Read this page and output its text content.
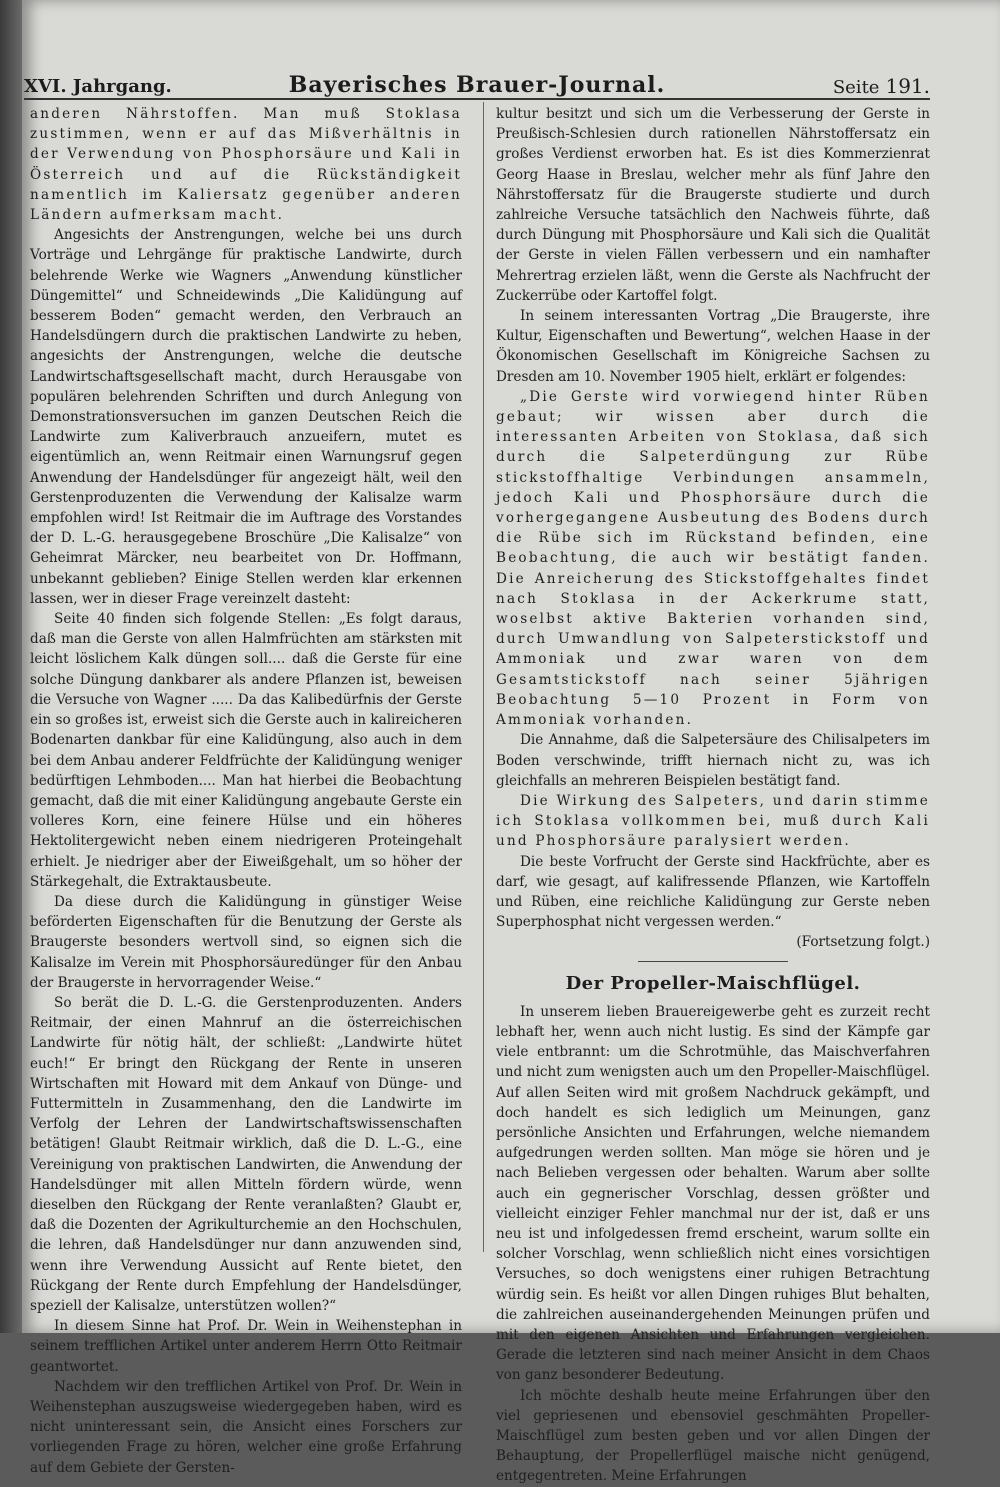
XVI. Jahrgang.	Bayerisches Brauer-Journal.	Seite 191.

anderen Nährstoffen. Man muß Stoklasa zustimmen, wenn er auf das Mißverhältnis in der Verwendung von Phosphorsäure und Kali in Österreich und auf die Rückständigkeit namentlich im Kaliersatz gegenüber anderen Ländern aufmerksam macht.

Angesichts der Anstrengungen, welche bei uns durch Vorträge und Lehrgänge für praktische Landwirte, durch belehrende Werke wie Wagners „Anwendung künstlicher Düngemittel“ und Schneidewinds „Die Kalidüngung auf besserem Boden“ gemacht werden, den Verbrauch an Handelsdüngern durch die praktischen Landwirte zu heben, angesichts der Anstrengungen, welche die deutsche Landwirtschaftsgesellschaft macht, durch Herausgabe von populären belehrenden Schriften und durch Anlegung von Demonstrationsversuchen im ganzen Deutschen Reich die Landwirte zum Kaliverbrauch anzueifern, mutet es eigentümlich an, wenn Reitmair einen Warnungsruf gegen Anwendung der Handelsdünger für angezeigt hält, weil den Gerstenproduzenten die Verwendung der Kalisalze warm empfohlen wird! Ist Reitmair die im Auftrage des Vorstandes der D. L.-G. herausgegebene Broschüre „Die Kalisalze“ von Geheimrat Märcker, neu bearbeitet von Dr. Hoffmann, unbekannt geblieben? Einige Stellen werden klar erkennen lassen, wer in dieser Frage vereinzelt dasteht:

Seite 40 finden sich folgende Stellen: „Es folgt daraus, daß man die Gerste von allen Halmfrüchten am stärksten mit leicht löslichem Kalk düngen soll.... daß die Gerste für eine solche Düngung dankbarer als andere Pflanzen ist, beweisen die Versuche von Wagner ..... Da das Kalibedürfnis der Gerste ein so großes ist, erweist sich die Gerste auch in kalireicheren Bodenarten dankbar für eine Kalidüngung, also auch in dem bei dem Anbau anderer Feldfrüchte der Kalidüngung weniger bedürftigen Lehmboden.... Man hat hierbei die Beobachtung gemacht, daß die mit einer Kalidüngung angebaute Gerste ein volleres Korn, eine feinere Hülse und ein höheres Hektolitergewicht neben einem niedrigeren Proteingehalt erhielt. Je niedriger aber der Eiweißgehalt, um so höher der Stärkegehalt, die Extraktausbeute.

Da diese durch die Kalidüngung in günstiger Weise beförderten Eigenschaften für die Benutzung der Gerste als Braugerste besonders wertvoll sind, so eignen sich die Kalisalze im Verein mit Phosphorsäuredünger für den Anbau der Braugerste in hervorragender Weise.“

So berät die D. L.-G. die Gerstenproduzenten. Anders Reitmair, der einen Mahnruf an die österreichischen Landwirte für nötig hält, der schließt: „Landwirte hütet euch!“ Er bringt den Rückgang der Rente in unseren Wirtschaften mit Howard mit dem Ankauf von Dünge- und Futtermitteln in Zusammenhang, den die Landwirte im Verfolg der Lehren der Landwirtschaftswissenschaften betätigen! Glaubt Reitmair wirklich, daß die D. L.-G., eine Vereinigung von praktischen Landwirten, die Anwendung der Handelsdünger mit allen Mitteln fördern würde, wenn dieselben den Rückgang der Rente veranlaßten? Glaubt er, daß die Dozenten der Agrikulturchemie an den Hochschulen, die lehren, daß Handelsdünger nur dann anzuwenden sind, wenn ihre Verwendung Aussicht auf Rente bietet, den Rückgang der Rente durch Empfehlung der Handelsdünger, speziell der Kalisalze, unterstützen wollen?“

In diesem Sinne hat Prof. Dr. Wein in Weihenstephan in seinem trefflichen Artikel unter anderem Herrn Otto Reitmair geantwortet.

Nachdem wir den trefflichen Artikel von Prof. Dr. Wein in Weihenstephan auszugsweise wiedergegeben haben, wird es nicht uninteressant sein, die Ansicht eines Forschers zur vorliegenden Frage zu hören, welcher eine große Erfahrung auf dem Gebiete der Gersten-

kultur besitzt und sich um die Verbesserung der Gerste in Preußisch-Schlesien durch rationellen Nährstoffersatz ein großes Verdienst erworben hat. Es ist dies Kommerzienrat Georg Haase in Breslau, welcher mehr als fünf Jahre den Nährstoffersatz für die Braugerste studierte und durch zahlreiche Versuche tatsächlich den Nachweis führte, daß durch Düngung mit Phosphorsäure und Kali sich die Qualität der Gerste in vielen Fällen verbessern und ein namhafter Mehrertrag erzielen läßt, wenn die Gerste als Nachfrucht der Zuckerrübe oder Kartoffel folgt.

In seinem interessanten Vortrag „Die Braugerste, ihre Kultur, Eigenschaften und Bewertung“, welchen Haase in der Ökonomischen Gesellschaft im Königreiche Sachsen zu Dresden am 10. November 1905 hielt, erklärt er folgendes:

„Die Gerste wird vorwiegend hinter Rüben gebaut; wir wissen aber durch die interessanten Arbeiten von Stoklasa, daß sich durch die Salpeterdüngung zur Rübe stickstoffhaltige Verbindungen ansammeln, jedoch Kali und Phosphorsäure durch die vorhergegangene Ausbeutung des Bodens durch die Rübe sich im Rückstand befinden, eine Beobachtung, die auch wir bestätigt fanden. Die Anreicherung des Stickstoffgehaltes findet nach Stoklasa in der Ackerkrume statt, woselbst aktive Bakterien vorhanden sind, durch Umwandlung von Salpeterstickstoff und Ammoniak und zwar waren von dem Gesamtstickstoff nach seiner 5jährigen Beobachtung 5—10 Prozent in Form von Ammoniak vorhanden.

Die Annahme, daß die Salpetersäure des Chilisalpeters im Boden verschwinde, trifft hiernach nicht zu, was ich gleichfalls an mehreren Beispielen bestätigt fand.

Die Wirkung des Salpeters, und darin stimme ich Stoklasa vollkommen bei, muß durch Kali und Phosphorsäure paralysiert werden.

Die beste Vorfrucht der Gerste sind Hackfrüchte, aber es darf, wie gesagt, auf kalifressende Pflanzen, wie Kartoffeln und Rüben, eine reichliche Kalidüngung zur Gerste neben Superphosphat nicht vergessen werden.“

(Fortsetzung folgt.)

Der Propeller-Maischflügel.

In unserem lieben Brauereigewerbe geht es zurzeit recht lebhaft her, wenn auch nicht lustig. Es sind der Kämpfe gar viele entbrannt: um die Schrotmühle, das Maischverfahren und nicht zum wenigsten auch um den Propeller-Maischflügel. Auf allen Seiten wird mit großem Nachdruck gekämpft, und doch handelt es sich lediglich um Meinungen, ganz persönliche Ansichten und Erfahrungen, welche niemandem aufgedrungen werden sollten. Man möge sie hören und je nach Belieben vergessen oder behalten. Warum aber sollte auch ein gegnerischer Vorschlag, dessen größter und vielleicht einziger Fehler manchmal nur der ist, daß er uns neu ist und infolgedessen fremd erscheint, warum sollte ein solcher Vorschlag, wenn schließlich nicht eines vorsichtigen Versuches, so doch wenigstens einer ruhigen Betrachtung würdig sein. Es heißt vor allen Dingen ruhiges Blut behalten, die zahlreichen auseinandergehenden Meinungen prüfen und mit den eigenen Ansichten und Erfahrungen vergleichen. Gerade die letzteren sind nach meiner Ansicht in dem Chaos von ganz besonderer Bedeutung.

Ich möchte deshalb heute meine Erfahrungen über den viel gepriesenen und ebensoviel geschmähten Propeller-Maischflügel zum besten geben und vor allen Dingen der Behauptung, der Propellerflügel maische nicht genügend, entgegentreten. Meine Erfahrungen
